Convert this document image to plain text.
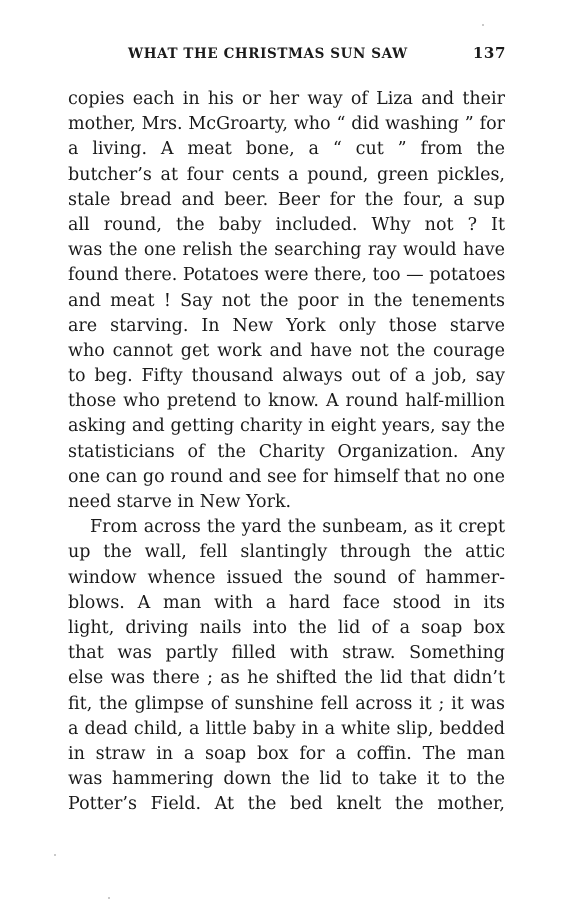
WHAT THE CHRISTMAS SUN SAW	137
copies each in his or her way of Liza and their
mother, Mrs. McGroarty, who “ did washing ” for
a living. A meat bone, a “ cut ” from the
butcher’s at four cents a pound, green pickles,
stale bread and beer. Beer for the four, a sup
all round, the baby included. Why not ? It
was the one relish the searching ray would have
found there. Potatoes were there, too — potatoes
and meat ! Say not the poor in the tenements
are starving. In New York only those starve
who cannot get work and have not the courage
to beg. Fifty thousand always out of a job, say
those who pretend to know. A round half-million
asking and getting charity in eight years, say the
statisticians of the Charity Organization. Any
one can go round and see for himself that no one
need starve in New York.
From across the yard the sunbeam, as it crept
up the wall, fell slantingly through the attic
window whence issued the sound of hammer-
blows. A man with a hard face stood in its
light, driving nails into the lid of a soap box
that was partly filled with straw. Something
else was there ; as he shifted the lid that didn’t
fit, the glimpse of sunshine fell across it ; it was
a dead child, a little baby in a white slip, bedded
in straw in a soap box for a coffin. The man
was hammering down the lid to take it to the
Potter’s Field. At the bed knelt the mother,
